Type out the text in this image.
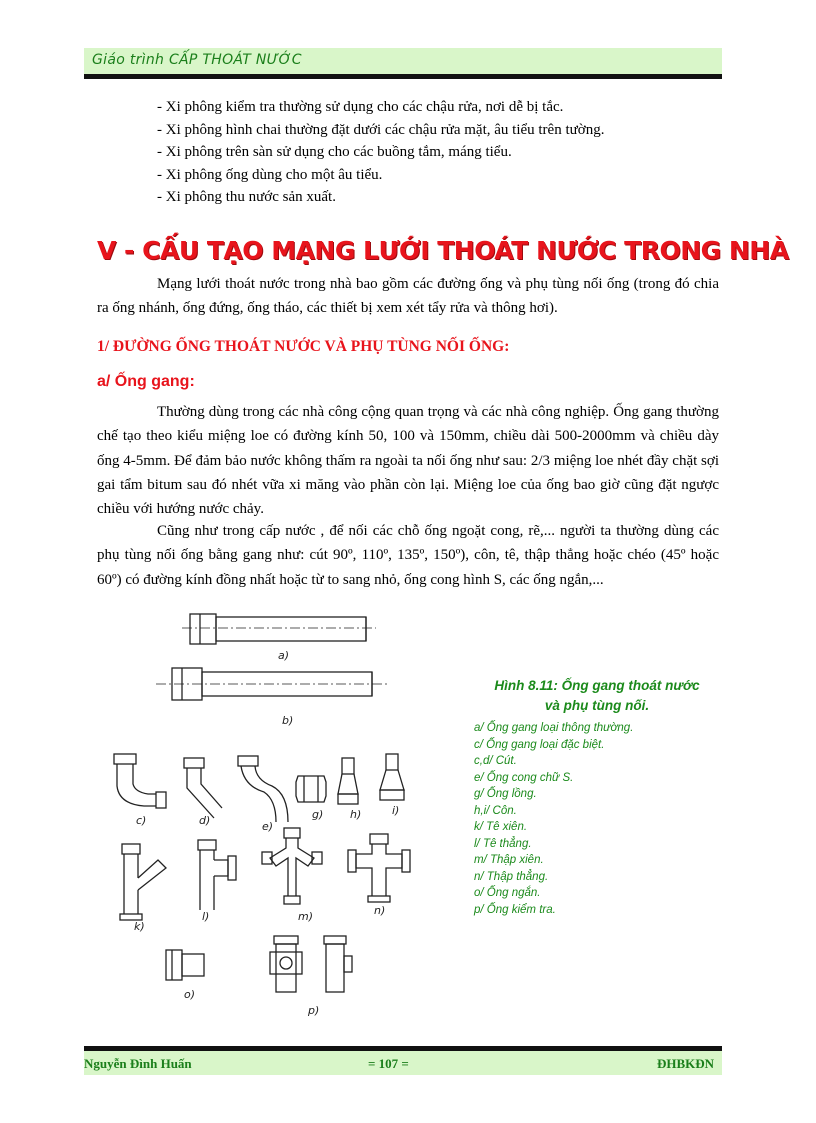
Giáo trình CẤP THOÁT NƯỚC
- Xi phông kiểm tra thường sử dụng cho các chậu rửa, nơi dễ bị tắc.
- Xi phông hình chai thường đặt dưới các chậu rửa mặt, âu tiểu trên tường.
- Xi phông trên sàn sử dụng cho các buồng tắm, máng tiểu.
- Xi phông ống dùng cho một âu tiểu.
- Xi phông thu nước sản xuất.
V - CẤU TẠO MẠNG LƯỚI THOÁT NƯỚC TRONG NHÀ
Mạng lưới thoát nước trong nhà bao gồm các đường ống và phụ tùng nối ống (trong đó chia ra ống nhánh, ống đứng, ống tháo, các thiết bị xem xét tẩy rửa và thông hơi).
1/ ĐƯỜNG ỐNG THOÁT NƯỚC VÀ PHỤ TÙNG NỐI ỐNG:
a/ Ống gang:
Thường dùng trong các nhà công cộng quan trọng và các nhà công nghiệp. Ống gang thường chế tạo theo kiểu miệng loe có đường kính 50, 100 và 150mm, chiều dài 500-2000mm và chiều dày ống 4-5mm. Để đảm bảo nước không thấm ra ngoài ta nối ống như sau: 2/3 miệng loe nhét đầy chặt sợi gai tẩm bitum sau đó nhét vữa xi măng vào phần còn lại. Miệng loe của ống bao giờ cũng đặt ngược chiều với hướng nước chảy.
Cũng như trong cấp nước , để nối các chỗ ống ngoặt cong, rẽ,... người ta thường dùng các phụ tùng nối ống bằng gang như: cút 90º, 110º, 135º, 150º), côn, tê, thập thẳng hoặc chéo (45º hoặc 60º) có đường kính đồng nhất hoặc từ to sang nhỏ, ống cong hình S, các ống ngắn,...
a)
b)
c)	d)	e)
g) h)	i)
k)
l)	m)	n)
o)
p)
Hình 8.11: Ống gang thoát nước
và phụ tùng nối.
a/ Ống gang loại thông thường.
c/ Ống gang loại đặc biệt.
c,d/ Cút.
e/ Ống cong chữ S.
g/ Ống lồng.
h,i/ Côn.
k/ Tê xiên.
l/ Tê thẳng.
m/ Thập xiên.
n/ Thập thẳng.
o/ Ống ngắn.
p/ Ống kiểm tra.
Nguyễn Đình Huấn	= 107 =	ĐHBKĐN
